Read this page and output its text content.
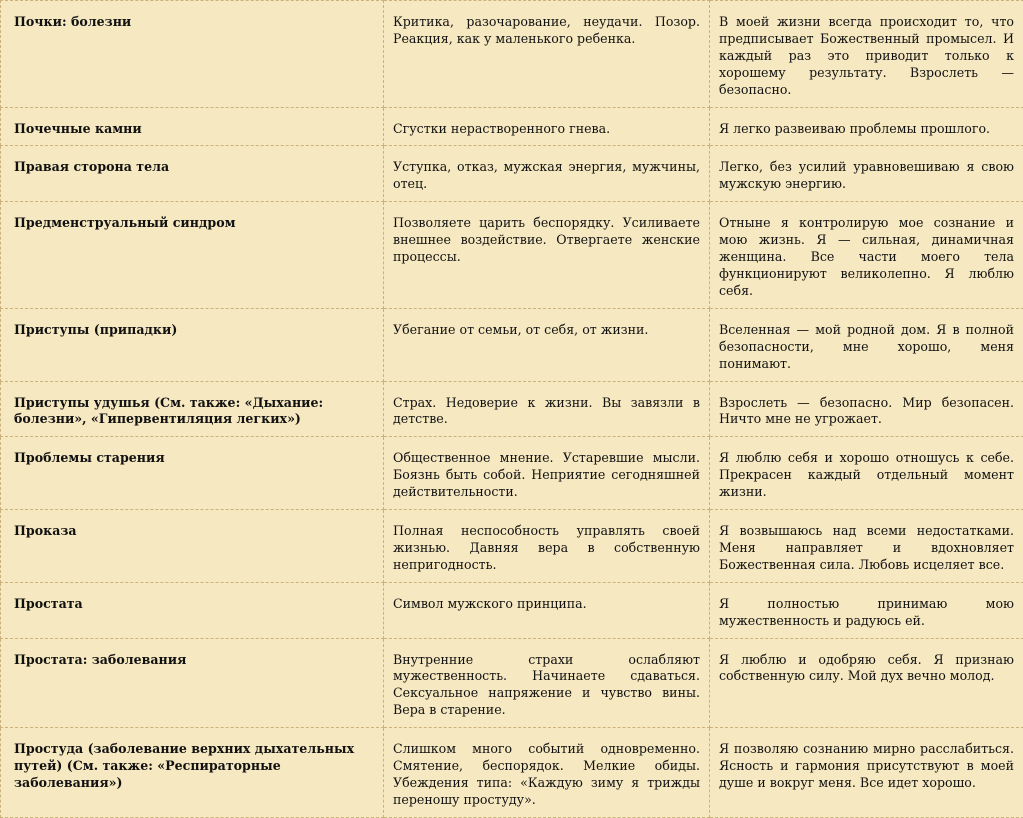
Почки: болезни	Критика, разочарование, неудачи. Позор. Реакция, как у маленького ребенка.	В моей жизни всегда происходит то, что предписывает Божественный промысел. И каждый раз это приводит только к хорошему результату. Взрослеть — безопасно.
Почечные камни	Сгустки нерастворенного гнева.	Я легко развеиваю проблемы прошлого.
Правая сторона тела	Уступка, отказ, мужская энергия, мужчины, отец.	Легко, без усилий уравновешиваю я свою мужскую энергию.
Предменструальный синдром	Позволяете царить беспорядку. Усиливаете внешнее воздействие. Отвергаете женские процессы.	Отныне я контролирую мое сознание и мою жизнь. Я — сильная, динамичная женщина. Все части моего тела функционируют великолепно. Я люблю себя.
Приступы (припадки)	Убегание от семьи, от себя, от жизни.	Вселенная — мой родной дом. Я в полной безопасности, мне хорошо, меня понимают.
Приступы удушья (См. также: «Дыхание: болезни», «Гипервентиляция легких»)	Страх. Недоверие к жизни. Вы завязли в детстве.	Взрослеть — безопасно. Мир безопасен. Ничто мне не угрожает.
Проблемы старения	Общественное мнение. Устаревшие мысли. Боязнь быть собой. Неприятие сегодняшней действительности.	Я люблю себя и хорошо отношусь к себе. Прекрасен каждый отдельный момент жизни.
Проказа	Полная неспособность управлять своей жизнью. Давняя вера в собственную непригодность.	Я возвышаюсь над всеми недостатками. Меня направляет и вдохновляет Божественная сила. Любовь исцеляет все.
Простата	Символ мужского принципа.	Я полностью принимаю мою мужественность и радуюсь ей.
Простата: заболевания	Внутренние страхи ослабляют мужественность. Начинаете сдаваться. Сексуальное напряжение и чувство вины. Вера в старение.	Я люблю и одобряю себя. Я признаю собственную силу. Мой дух вечно молод.
Простуда (заболевание верхних дыхательных путей) (См. также: «Респираторные заболевания»)	Слишком много событий одновременно. Смятение, беспорядок. Мелкие обиды. Убеждения типа: «Каждую зиму я трижды переношу простуду».	Я позволяю сознанию мирно расслабиться. Ясность и гармония присутствуют в моей душе и вокруг меня. Все идет хорошо.
